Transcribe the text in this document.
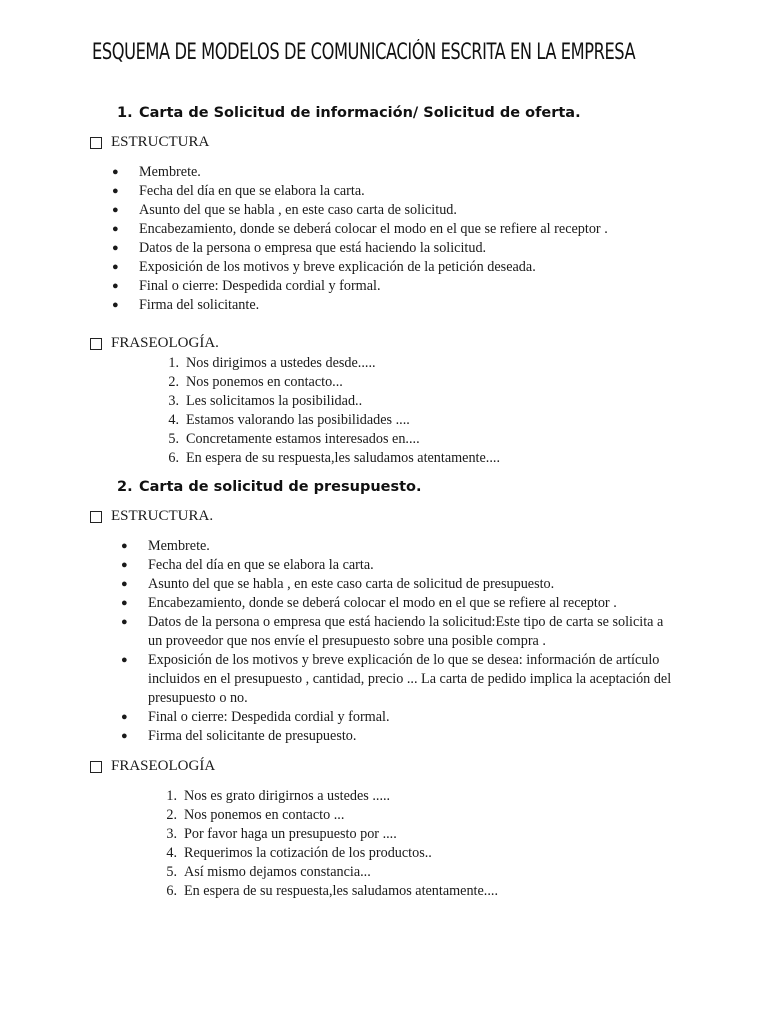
ESQUEMA DE MODELOS DE COMUNICACIÓN ESCRITA EN LA EMPRESA
1. Carta de Solicitud de información/ Solicitud de oferta.
ESTRUCTURA
● Membrete.
● Fecha del día en que se elabora la carta.
● Asunto del que se habla , en este caso carta de solicitud.
● Encabezamiento, donde se deberá colocar el modo en el que se refiere al receptor .
● Datos de la persona o empresa que está haciendo la solicitud.
● Exposición de los motivos y breve explicación de la petición deseada.
● Final o cierre: Despedida cordial y formal.
● Firma del solicitante.
FRASEOLOGÍA.
1. Nos dirigimos a ustedes desde.....
2. Nos ponemos en contacto...
3. Les solicitamos la posibilidad..
4. Estamos valorando las posibilidades ....
5. Concretamente estamos interesados en....
6. En espera de su respuesta,les saludamos atentamente....
2. Carta de solicitud de presupuesto.
ESTRUCTURA.
● Membrete.
● Fecha del día en que se elabora la carta.
● Asunto del que se habla , en este caso carta de solicitud de presupuesto.
● Encabezamiento, donde se deberá colocar el modo en el que se refiere al receptor .
● Datos de la persona o empresa que está haciendo la solicitud:Este tipo de carta se solicita a un proveedor que nos envíe el presupuesto sobre una posible compra .
● Exposición de los motivos y breve explicación de lo que se desea: información de artículo incluidos en el presupuesto , cantidad, precio ... La carta de pedido implica la aceptación del presupuesto o no.
● Final o cierre: Despedida cordial y formal.
● Firma del solicitante de presupuesto.
FRASEOLOGÍA
1. Nos es grato dirigirnos a ustedes .....
2. Nos ponemos en contacto ...
3. Por favor haga un presupuesto por ....
4. Requerimos la cotización de los productos..
5. Así mismo dejamos constancia...
6. En espera de su respuesta,les saludamos atentamente....
